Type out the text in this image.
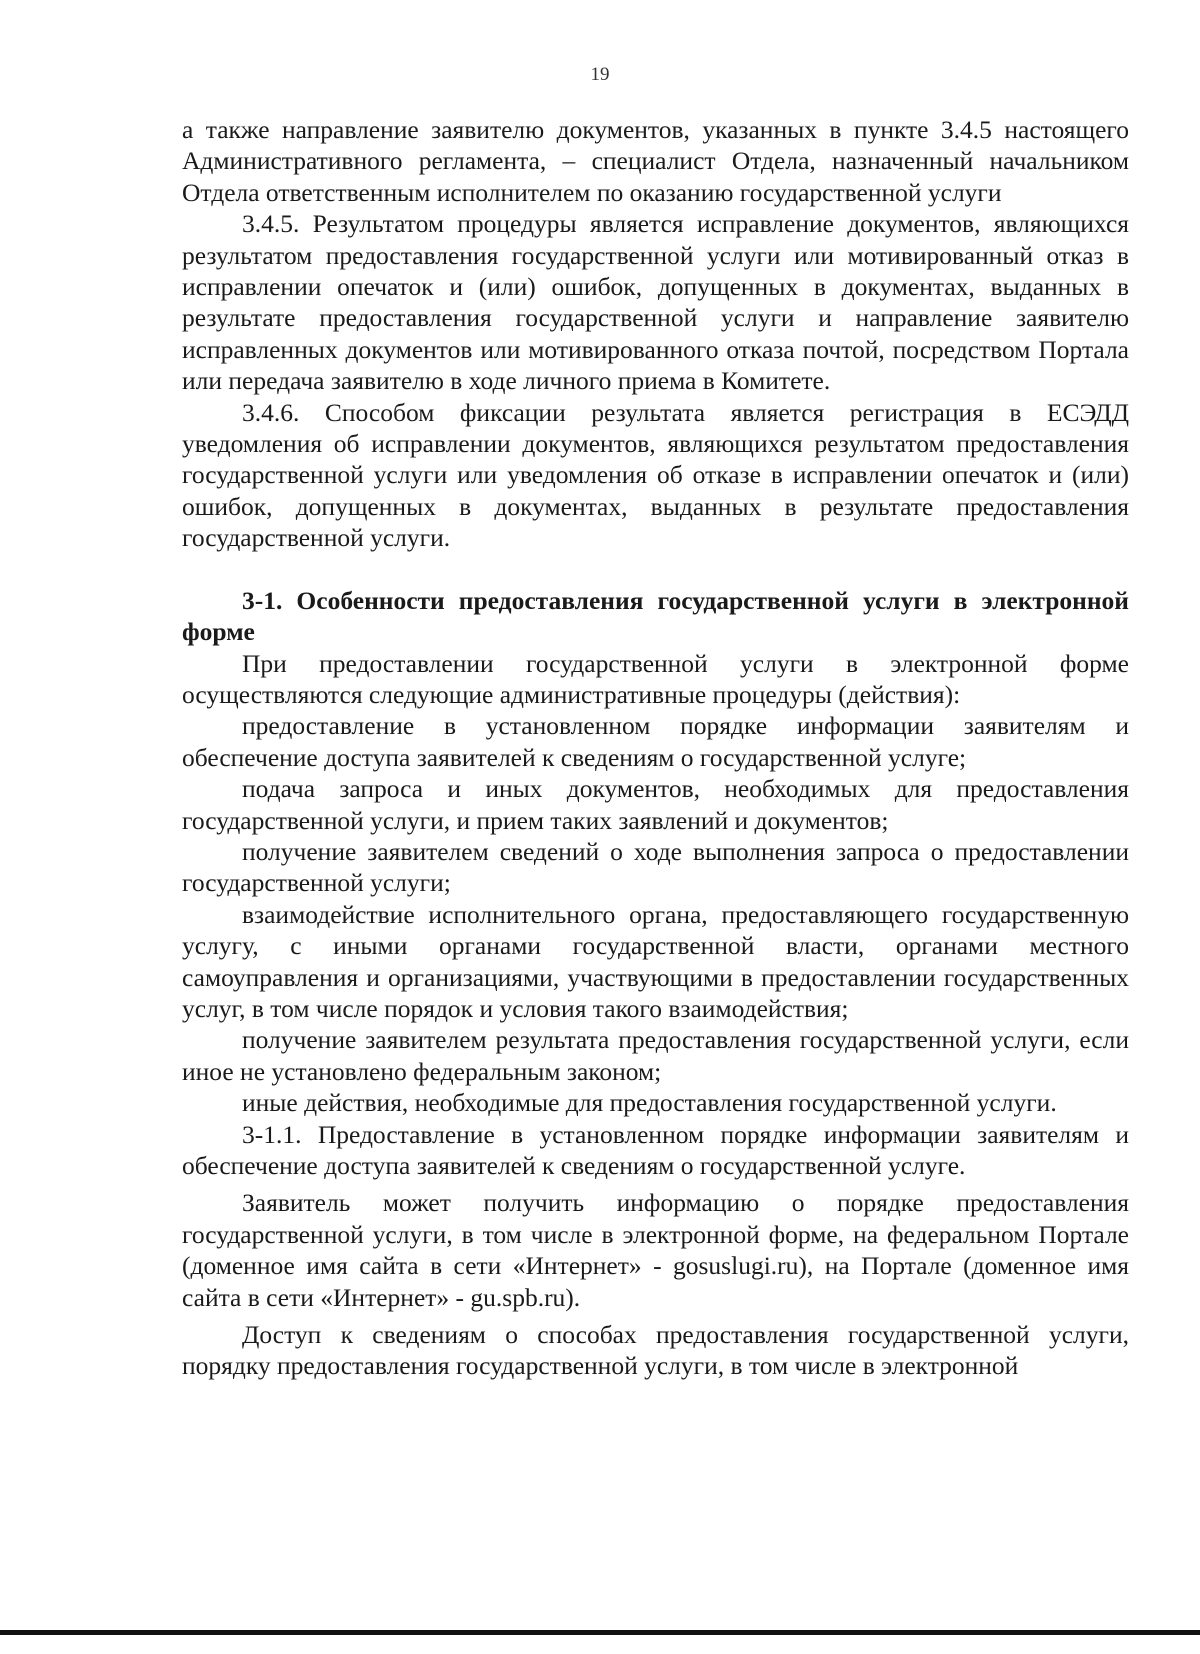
19

а также направление заявителю документов, указанных в пункте 3.4.5 настоящего Административного регламента, – специалист Отдела, назначенный начальником Отдела ответственным исполнителем по оказанию государственной услуги

3.4.5. Результатом процедуры является исправление документов, являющихся результатом предоставления государственной услуги или мотивированный отказ в исправлении опечаток и (или) ошибок, допущенных в документах, выданных в результате предоставления государственной услуги и направление заявителю исправленных документов или мотивированного отказа почтой, посредством Портала или передача заявителю в ходе личного приема в Комитете.

3.4.6. Способом фиксации результата является регистрация в ЕСЭДД уведомления об исправлении документов, являющихся результатом предоставления государственной услуги или уведомления об отказе в исправлении опечаток и (или) ошибок, допущенных в документах, выданных в результате предоставления государственной услуги.

3-1. Особенности предоставления государственной услуги в электронной форме

При предоставлении государственной услуги в электронной форме осуществляются следующие административные процедуры (действия):

предоставление в установленном порядке информации заявителям и обеспечение доступа заявителей к сведениям о государственной услуге;

подача запроса и иных документов, необходимых для предоставления государственной услуги, и прием таких заявлений и документов;

получение заявителем сведений о ходе выполнения запроса о предоставлении государственной услуги;

взаимодействие исполнительного органа, предоставляющего государственную услугу, с иными органами государственной власти, органами местного самоуправления и организациями, участвующими в предоставлении государственных услуг, в том числе порядок и условия такого взаимодействия;

получение заявителем результата предоставления государственной услуги, если иное не установлено федеральным законом;

иные действия, необходимые для предоставления государственной услуги.

3-1.1. Предоставление в установленном порядке информации заявителям и обеспечение доступа заявителей к сведениям о государственной услуге.

Заявитель может получить информацию о порядке предоставления государственной услуги, в том числе в электронной форме, на федеральном Портале (доменное имя сайта в сети «Интернет» - gosuslugi.ru), на Портале (доменное имя сайта в сети «Интернет» - gu.spb.ru).

Доступ к сведениям о способах предоставления государственной услуги, порядку предоставления государственной услуги, в том числе в электронной
